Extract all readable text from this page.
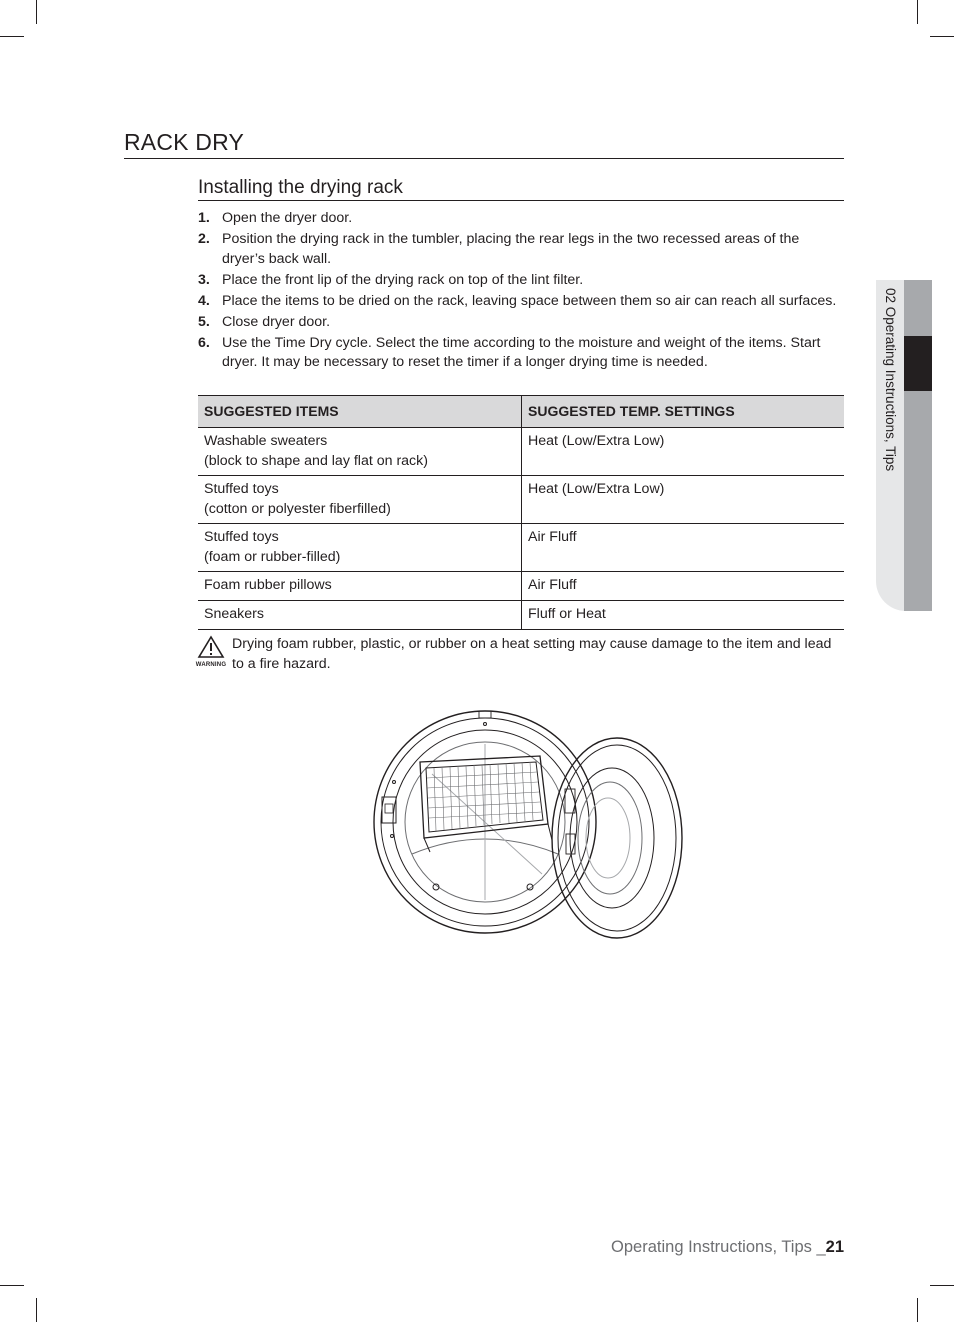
RACK DRY
Installing the drying rack
1. Open the dryer door.
2. Position the drying rack in the tumbler, placing the rear legs in the two recessed areas of the dryer’s back wall.
3. Place the front lip of the drying rack on top of the lint filter.
4. Place the items to be dried on the rack, leaving space between them so air can reach all surfaces.
5. Close dryer door.
6. Use the Time Dry cycle. Select the time according to the moisture and weight of the items. Start dryer. It may be necessary to reset the timer if a longer drying time is needed.
SUGGESTED ITEMS	SUGGESTED TEMP. SETTINGS

Washable sweaters
(block to shape and lay flat on rack)	Heat (Low/Extra Low)

Stuffed toys
(cotton or polyester fiberfilled)	Heat (Low/Extra Low)

Stuffed toys
(foam or rubber-filled)	Air Fluff

Foam rubber pillows	Air Fluff

Sneakers	Fluff or Heat
WARNING
Drying foam rubber, plastic, or rubber on a heat setting may cause damage to the item and lead to a fire hazard.
02 Operating Instructions, Tips
Operating Instructions, Tips _21
